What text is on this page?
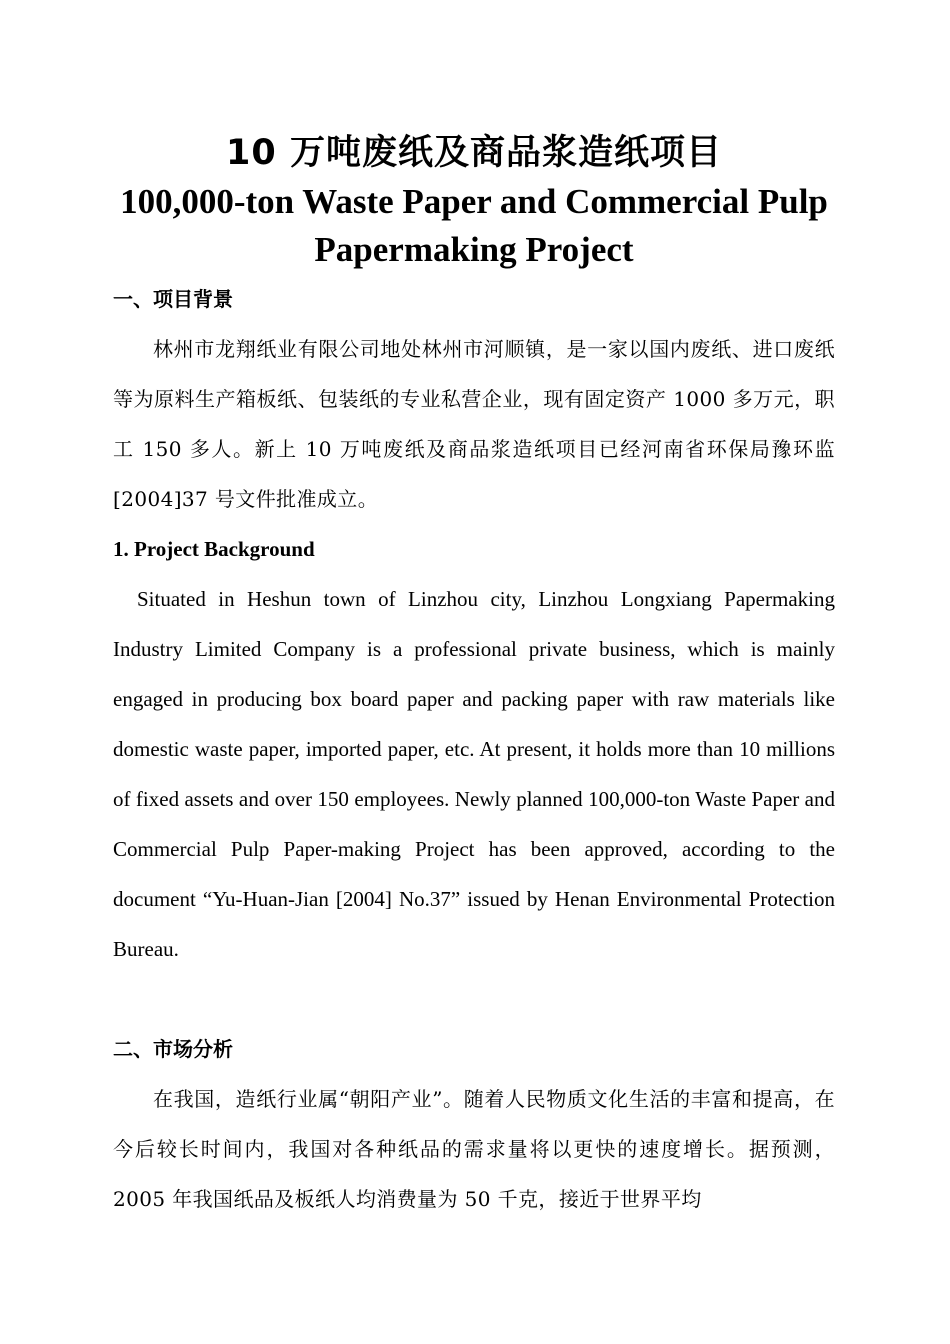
10 万吨废纸及商品浆造纸项目
100,000-ton Waste Paper and Commercial Pulp Papermaking Project
一、项目背景

林州市龙翔纸业有限公司地处林州市河顺镇，是一家以国内废纸、进口废纸等为原料生产箱板纸、包装纸的专业私营企业，现有固定资产 1000 多万元，职工 150 多人。新上 10 万吨废纸及商品浆造纸项目已经河南省环保局豫环监[2004]37 号文件批准成立。

1. Project Background

Situated in Heshun town of Linzhou city, Linzhou Longxiang Papermaking Industry Limited Company is a professional private business, which is mainly engaged in producing box board paper and packing paper with raw materials like domestic waste paper, imported paper, etc. At present, it holds more than 10 millions of fixed assets and over 150 employees. Newly planned 100,000-ton Waste Paper and Commercial Pulp Paper-making Project has been approved, according to the document “Yu-Huan-Jian [2004] No.37” issued by Henan Environmental Protection Bureau.

二、市场分析

在我国，造纸行业属“朝阳产业”。随着人民物质文化生活的丰富和提高，在今后较长时间内，我国对各种纸品的需求量将以更快的速度增长。据预测，2005 年我国纸品及板纸人均消费量为 50 千克，接近于世界平均
